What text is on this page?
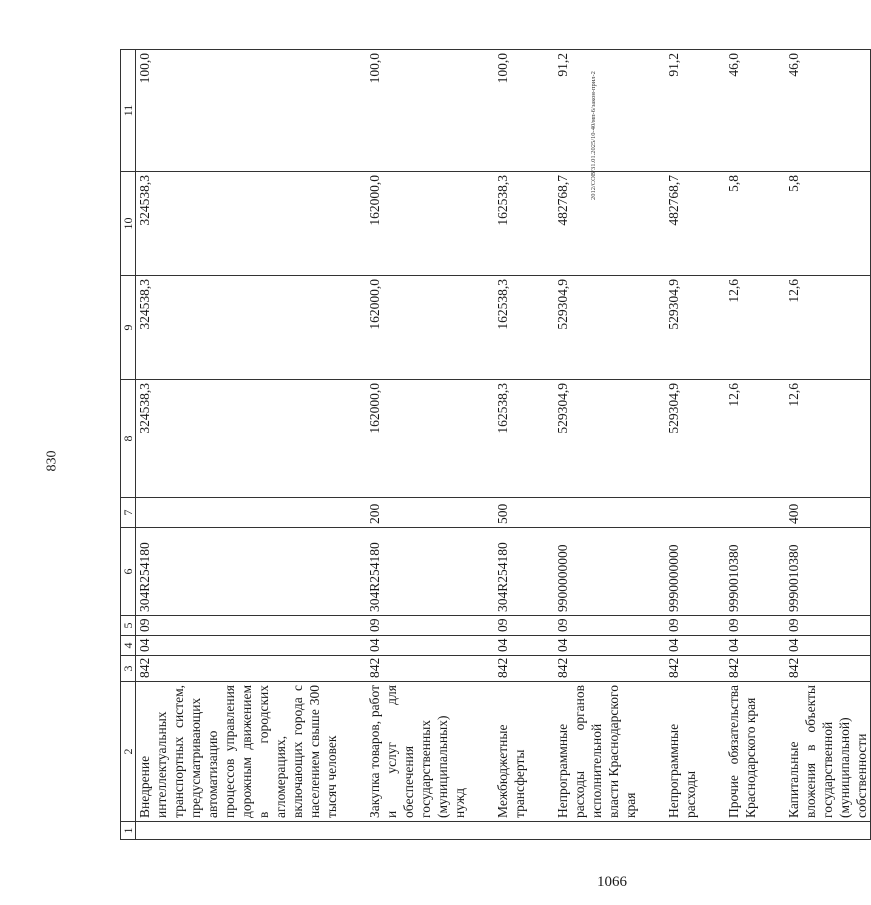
830
2012/СОВ/31.01.2025/10-40/мп-6/закон-прил-2
1	2	3	4	5	6	7	8	9	10	11
	Внедрение интеллектуальных транспортных систем, предусматривающих автоматизацию процессов управления дорожным движением в городских агломерациях, включающих города с населением свыше 300 тысяч человек	842	04	09	304R254180		324538,3	324538,3	324538,3	100,0

	Закупка товаров, работ и услуг для обеспечения государственных (муниципальных) нужд	842	04	09	304R254180	200	162000,0	162000,0	162000,0	100,0

	Межбюджетные трансферты	842	04	09	304R254180	500	162538,3	162538,3	162538,3	100,0

	Непрограммные расходы органов исполнительной власти Краснодарского края	842	04	09	9900000000		529304,9	529304,9	482768,7	91,2

	Непрограммные расходы	842	04	09	9990000000		529304,9	529304,9	482768,7	91,2

	Прочие обязательства Краснодарского края	842	04	09	9990010380		12,6	12,6	5,8	46,0

	Капитальные вложения в объекты государственной (муниципальной) собственности	842	04	09	9990010380	400	12,6	12,6	5,8	46,0
1066
